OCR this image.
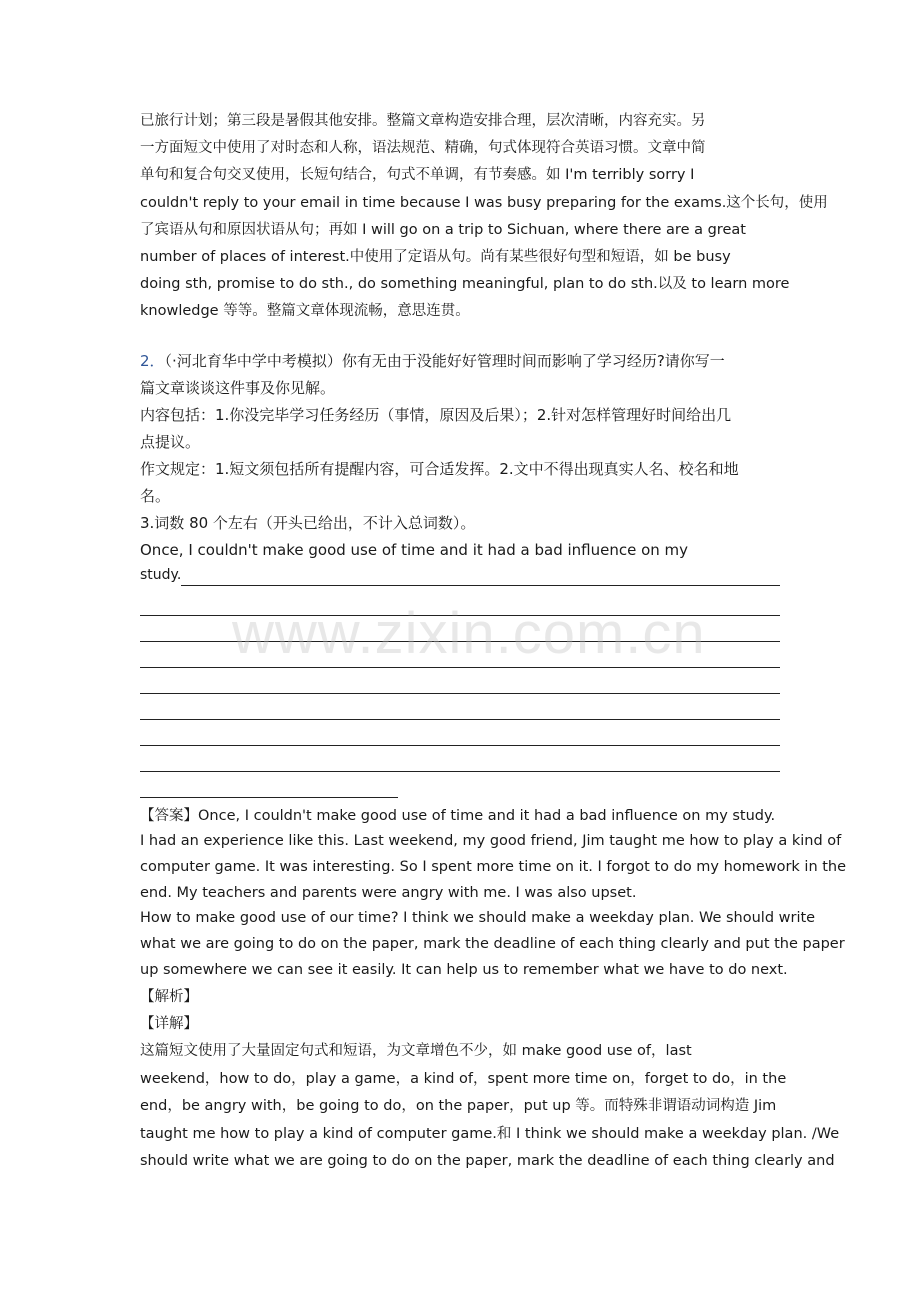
已旅行计划；第三段是暑假其他安排。整篇文章构造安排合理，层次清晰，内容充实。另

一方面短文中使用了对时态和人称，语法规范、精确，句式体现符合英语习惯。文章中简

单句和复合句交叉使用，长短句结合，句式不单调，有节奏感。如 I'm terribly sorry I

couldn't reply to your email in time because I was busy preparing for the exams.这个长句，使用

了宾语从句和原因状语从句；再如 I will go on a trip to Sichuan, where there are a great

number of places of interest.中使用了定语从句。尚有某些很好句型和短语，如 be busy

doing sth, promise to do sth., do something meaningful, plan to do sth.以及 to learn more

knowledge 等等。整篇文章体现流畅，意思连贯。

2．（·河北育华中学中考模拟）你有无由于没能好好管理时间而影响了学习经历?请你写一

篇文章谈谈这件事及你见解。

内容包括：1.你没完毕学习任务经历（事情，原因及后果）；2.针对怎样管理好时间给出几

点提议。

作文规定：1.短文须包括所有提醒内容，可合适发挥。2.文中不得出现真实人名、校名和地

名。

3.词数 80 个左右（开头已给出，不计入总词数）。

Once, I couldn't make good use of time and it had a bad influence on my

study.

【答案】Once, I couldn't make good use of time and it had a bad influence on my study.

I had an experience like this. Last weekend, my good friend, Jim taught me how to play a kind of

computer game. It was interesting. So I spent more time on it. I forgot to do my homework in the

end. My teachers and parents were angry with me. I was also upset.

How to make good use of our time? I think we should make a weekday plan. We should write

what we are going to do on the paper, mark the deadline of each thing clearly and put the paper

up somewhere we can see it easily. It can help us to remember what we have to do next.

【解析】

【详解】

这篇短文使用了大量固定句式和短语，为文章增色不少，如 make good use of，last

weekend，how to do，play a game，a kind of，spent more time on，forget to do，in the

end，be angry with，be going to do，on the paper，put up 等。而特殊非谓语动词构造 Jim

taught me how to play a kind of computer game.和 I think we should make a weekday plan. /We

should write what we are going to do on the paper, mark the deadline of each thing clearly and

www.zixin.com.cn
